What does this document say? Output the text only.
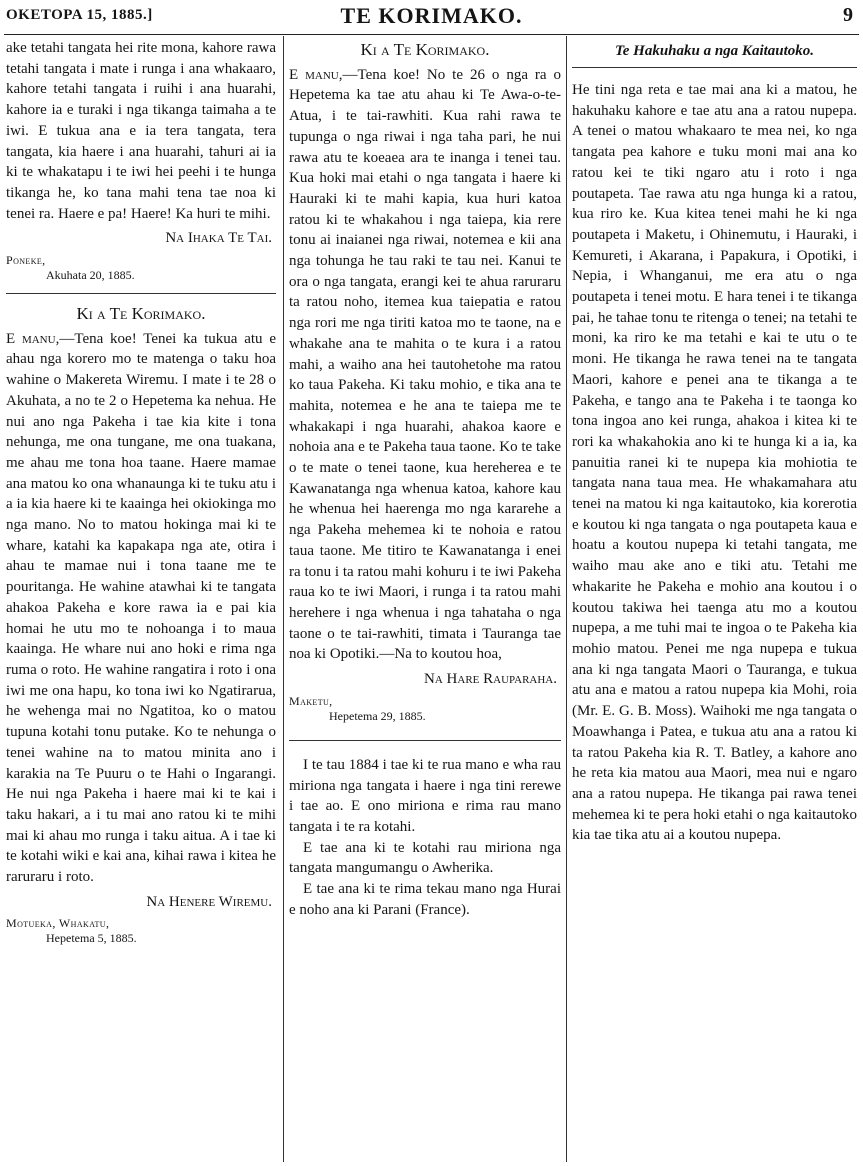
OKETOPA 15, 1885.]	TE KORIMAKO.	9

ake tetahi tangata hei rite mona, kahore rawa tetahi tangata i mate i runga i ana whakaaro, kahore tetahi tangata i ruihi i ana huarahi, kahore ia e turaki i nga tikanga taimaha a te iwi. E tukua ana e ia tera tangata, tera tangata, kia haere i ana huarahi, tahuri ai ia ki te whakatapu i te iwi hei peehi i te hunga tikanga he, ko tana mahi tena tae noa ki tenei ra. Haere e pa! Haere! Ka huri te mihi.

Na Ihaka Te Tai.
Poneke,
Akuhata 20, 1885.
Ki a Te Korimako.

E manu,—Tena koe! Tenei ka tukua atu e ahau nga korero mo te matenga o taku hoa wahine o Makereta Wiremu. I mate i te 28 o Akuhata, a no te 2 o Hepetema ka nehua. He nui ano nga Pakeha i tae kia kite i tona nehunga, me ona tungane, me ona tuakana, me ahau me tona hoa taane. Haere mamae ana matou ko ona whanaunga ki te tuku atu i a ia kia haere ki te kaainga hei okiokinga mo nga mano. No to matou hokinga mai ki te whare, katahi ka kapakapa nga ate, otira i ahau te mamae nui i tona taane me te pouritanga. He wahine atawhai ki te tangata ahakoa Pakeha e kore rawa ia e pai kia homai he utu mo te nohoanga i to maua kaainga. He whare nui ano hoki e rima nga ruma o roto. He wahine rangatira i roto i ona iwi me ona hapu, ko tona iwi ko Ngatirarua, he wehenga mai no Ngatitoa, ko o matou tupuna kotahi tonu putake. Ko te nehunga o tenei wahine na to matou minita ano i karakia na Te Puuru o te Hahi o Ingarangi. He nui nga Pakeha i haere mai ki te kai i taku hakari, a i tu mai ano ratou ki te mihi mai ki ahau mo runga i taku aitua. A i tae ki te kotahi wiki e kai ana, kihai rawa i kitea he raruraru i roto.

Na Henere Wiremu.
Motueka, Whakatu,
Hepetema 5, 1885.
Ki a Te Korimako.

E manu,—Tena koe! No te 26 o nga ra o Hepetema ka tae atu ahau ki Te Awa-o-te-Atua, i te tai-rawhiti. Kua rahi rawa te tupunga o nga riwai i nga taha pari, he nui rawa atu te koeaea ara te inanga i tenei tau. Kua hoki mai etahi o nga tangata i haere ki Hauraki ki te mahi kapia, kua huri katoa ratou ki te whakahou i nga taiepa, kia rere tonu ai inaianei nga riwai, notemea e kii ana nga tohunga he tau raki te tau nei. Kanui te ora o nga tangata, erangi kei te ahua raruraru ta ratou noho, itemea kua taiepatia e ratou nga rori me nga tiriti katoa mo te taone, na e whakahe ana te mahita o te kura i a ratou mahi, a waiho ana hei tautohetohe ma ratou ko taua Pakeha. Ki taku mohio, e tika ana te mahita, notemea e he ana te taiepa me te whakakapi i nga huarahi, ahakoa kaore e nohoia ana e te Pakeha taua taone. Ko te take o te mate o tenei taone, kua hereherea e te Kawanatanga nga whenua katoa, kahore kau he whenua hei haerenga mo nga kararehe a nga Pakeha mehemea ki te nohoia e ratou taua taone. Me titiro te Kawanatanga i enei ra tonu i ta ratou mahi kohuru i te iwi Pakeha raua ko te iwi Maori, i runga i ta ratou mahi herehere i nga whenua i nga tahataha o nga taone o te tai-rawhiti, timata i Tauranga tae noa ki Opotiki.—Na to koutou hoa,

Na Hare Rauparaha.
Maketu,
Hepetema 29, 1885.

I te tau 1884 i tae ki te rua mano e wha rau miriona nga tangata i haere i nga tini rerewe i tae ao. E ono miriona e rima rau mano tangata i te ra kotahi.

E tae ana ki te kotahi rau miriona nga tangata mangumangu o Awherika.

E tae ana ki te rima tekau mano nga Hurai e noho ana ki Parani (France).

Te Hakuhaku a nga Kaitautoko.

He tini nga reta e tae mai ana ki a matou, he hakuhaku kahore e tae atu ana a ratou nupepa. A tenei o matou whakaaro te mea nei, ko nga tangata pea kahore e tuku moni mai ana ko ratou kei te tiki ngaro atu i roto i nga poutapeta. Tae rawa atu nga hunga ki a ratou, kua riro ke. Kua kitea tenei mahi he ki nga poutapeta i Maketu, i Ohinemutu, i Hauraki, i Kemureti, i Akarana, i Papakura, i Opotiki, i Nepia, i Whanganui, me era atu o nga poutapeta i tenei motu. E hara tenei i te tikanga pai, he tahae tonu te ritenga o tenei; na tetahi te moni, ka riro ke ma tetahi e kai te utu o te moni. He tikanga he rawa tenei na te tangata Maori, kahore e penei ana te tikanga a te Pakeha, e tango ana te Pakeha i te taonga ko tona ingoa ano kei runga, ahakoa i kitea ki te rori ka whakahokia ano ki te hunga ki a ia, ka panuitia ranei ki te nupepa kia mohiotia te tangata nana taua mea. He whakamahara atu tenei na matou ki nga kaitautoko, kia korerotia e koutou ki nga tangata o nga poutapeta kaua e hoatu a koutou nupepa ki tetahi tangata, me waiho mau ake ano e tiki atu. Tetahi me whakarite he Pakeha e mohio ana koutou i o koutou takiwa hei taenga atu mo a koutou nupepa, a me tuhi mai te ingoa o te Pakeha kia mohio matou. Penei me nga nupepa e tukua ana ki nga tangata Maori o Tauranga, e tukua atu ana e matou a ratou nupepa kia Mohi, roia (Mr. E. G. B. Moss). Waihoki me nga tangata o Moawhanga i Patea, e tukua atu ana a ratou ki ta ratou Pakeha kia R. T. Batley, a kahore ano he reta kia matou aua Maori, mea nui e ngaro ana a ratou nupepa. He tikanga pai rawa tenei mehemea ki te pera hoki etahi o nga kaitautoko kia tae tika atu ai a koutou nupepa.
